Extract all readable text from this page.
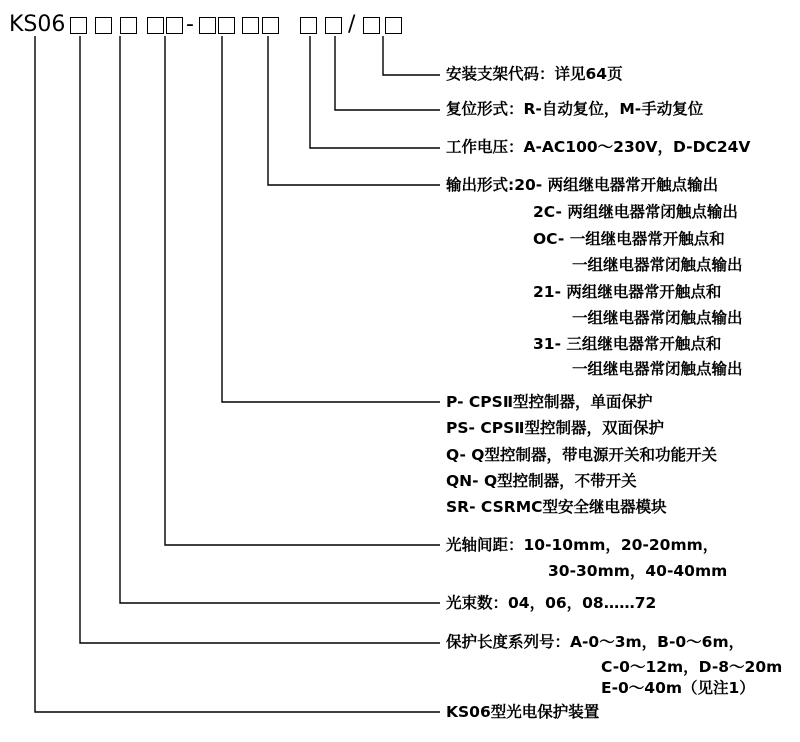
KS06	-	/
安装支架代码：详见64页
复位形式：R-自动复位，M-手动复位
工作电压：A-AC100～230V，D-DC24V
输出形式:20- 两组继电器常开触点输出
2C- 两组继电器常闭触点输出
OC- 一组继电器常开触点和
一组继电器常闭触点输出
21- 两组继电器常开触点和
一组继电器常闭触点输出
31- 三组继电器常开触点和
一组继电器常闭触点输出
P- CPSⅡ型控制器，单面保护
PS- CPSⅡ型控制器，双面保护
Q- Q型控制器，带电源开关和功能开关
QN- Q型控制器，不带开关
SR- CSRMC型安全继电器模块
光轴间距：10-10mm，20-20mm，
30-30mm，40-40mm
光束数：04，06，08……72
保护长度系列号：A-0～3m，B-0～6m，
C-0～12m，D-8～20m
E-0～40m（见注1）
KS06型光电保护装置
